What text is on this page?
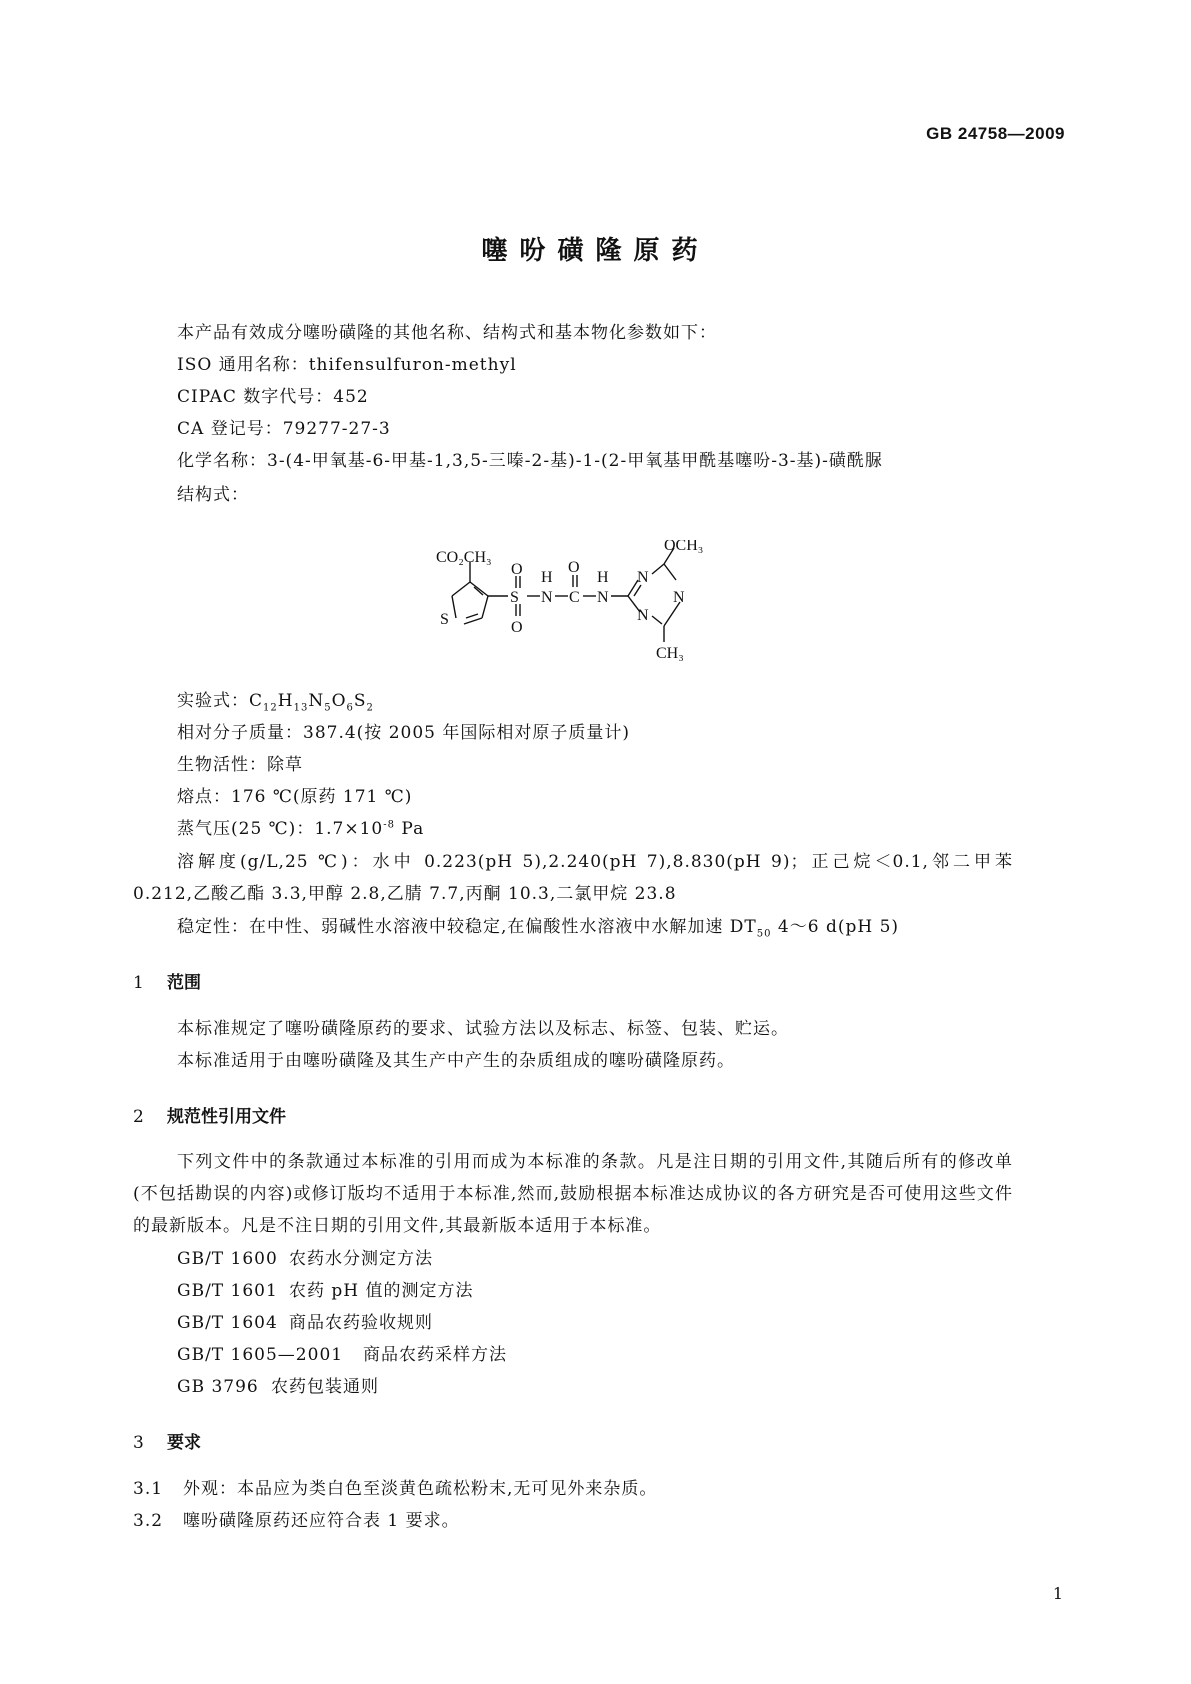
GB 24758—2009
噻吩磺隆原药
本产品有效成分噻吩磺隆的其他名称、结构式和基本物化参数如下：
ISO 通用名称：thifensulfuron-methyl
CIPAC 数字代号：452
CA 登记号：79277-27-3
化学名称：3-(4-甲氧基-6-甲基-1,3,5-三嗪-2-基)-1-(2-甲氧基甲酰基噻吩-3-基)-磺酰脲
结构式：
CO₂CH₃
S
S
O
O
H
N C
O
H
N
OCH₃
N
N
N
CH₃
实验式：$C_{12}H_{13}N_5O_6S_2$
相对分子质量：387.4(按 2005 年国际相对原子质量计)
生物活性：除草
熔点：176 ℃(原药 171 ℃)
蒸气压(25 ℃)：$1.7\times 10^{-8}$ Pa
溶解度(g/L,25 ℃)：水中 0.223(pH 5),2.240(pH 7),8.830(pH 9)；正己烷＜0.1,邻二甲苯 0.212,乙酸乙酯 3.3,甲醇 2.8,乙腈 7.7,丙酮 10.3,二氯甲烷 23.8
稳定性：在中性、弱碱性水溶液中较稳定,在偏酸性水溶液中水解加速 $DT_{50}$ 4～6 d(pH 5)
1 范围
本标准规定了噻吩磺隆原药的要求、试验方法以及标志、标签、包装、贮运。
本标准适用于由噻吩磺隆及其生产中产生的杂质组成的噻吩磺隆原药。
2 规范性引用文件
下列文件中的条款通过本标准的引用而成为本标准的条款。凡是注日期的引用文件,其随后所有的修改单(不包括勘误的内容)或修订版均不适用于本标准,然而,鼓励根据本标准达成协议的各方研究是否可使用这些文件的最新版本。凡是不注日期的引用文件,其最新版本适用于本标准。
GB/T 1600 农药水分测定方法
GB/T 1601 农药 pH 值的测定方法
GB/T 1604 商品农药验收规则
GB/T 1605—2001 商品农药采样方法
GB 3796 农药包装通则
3 要求
3.1 外观：本品应为类白色至淡黄色疏松粉末,无可见外来杂质。
3.2 噻吩磺隆原药还应符合表 1 要求。
1
